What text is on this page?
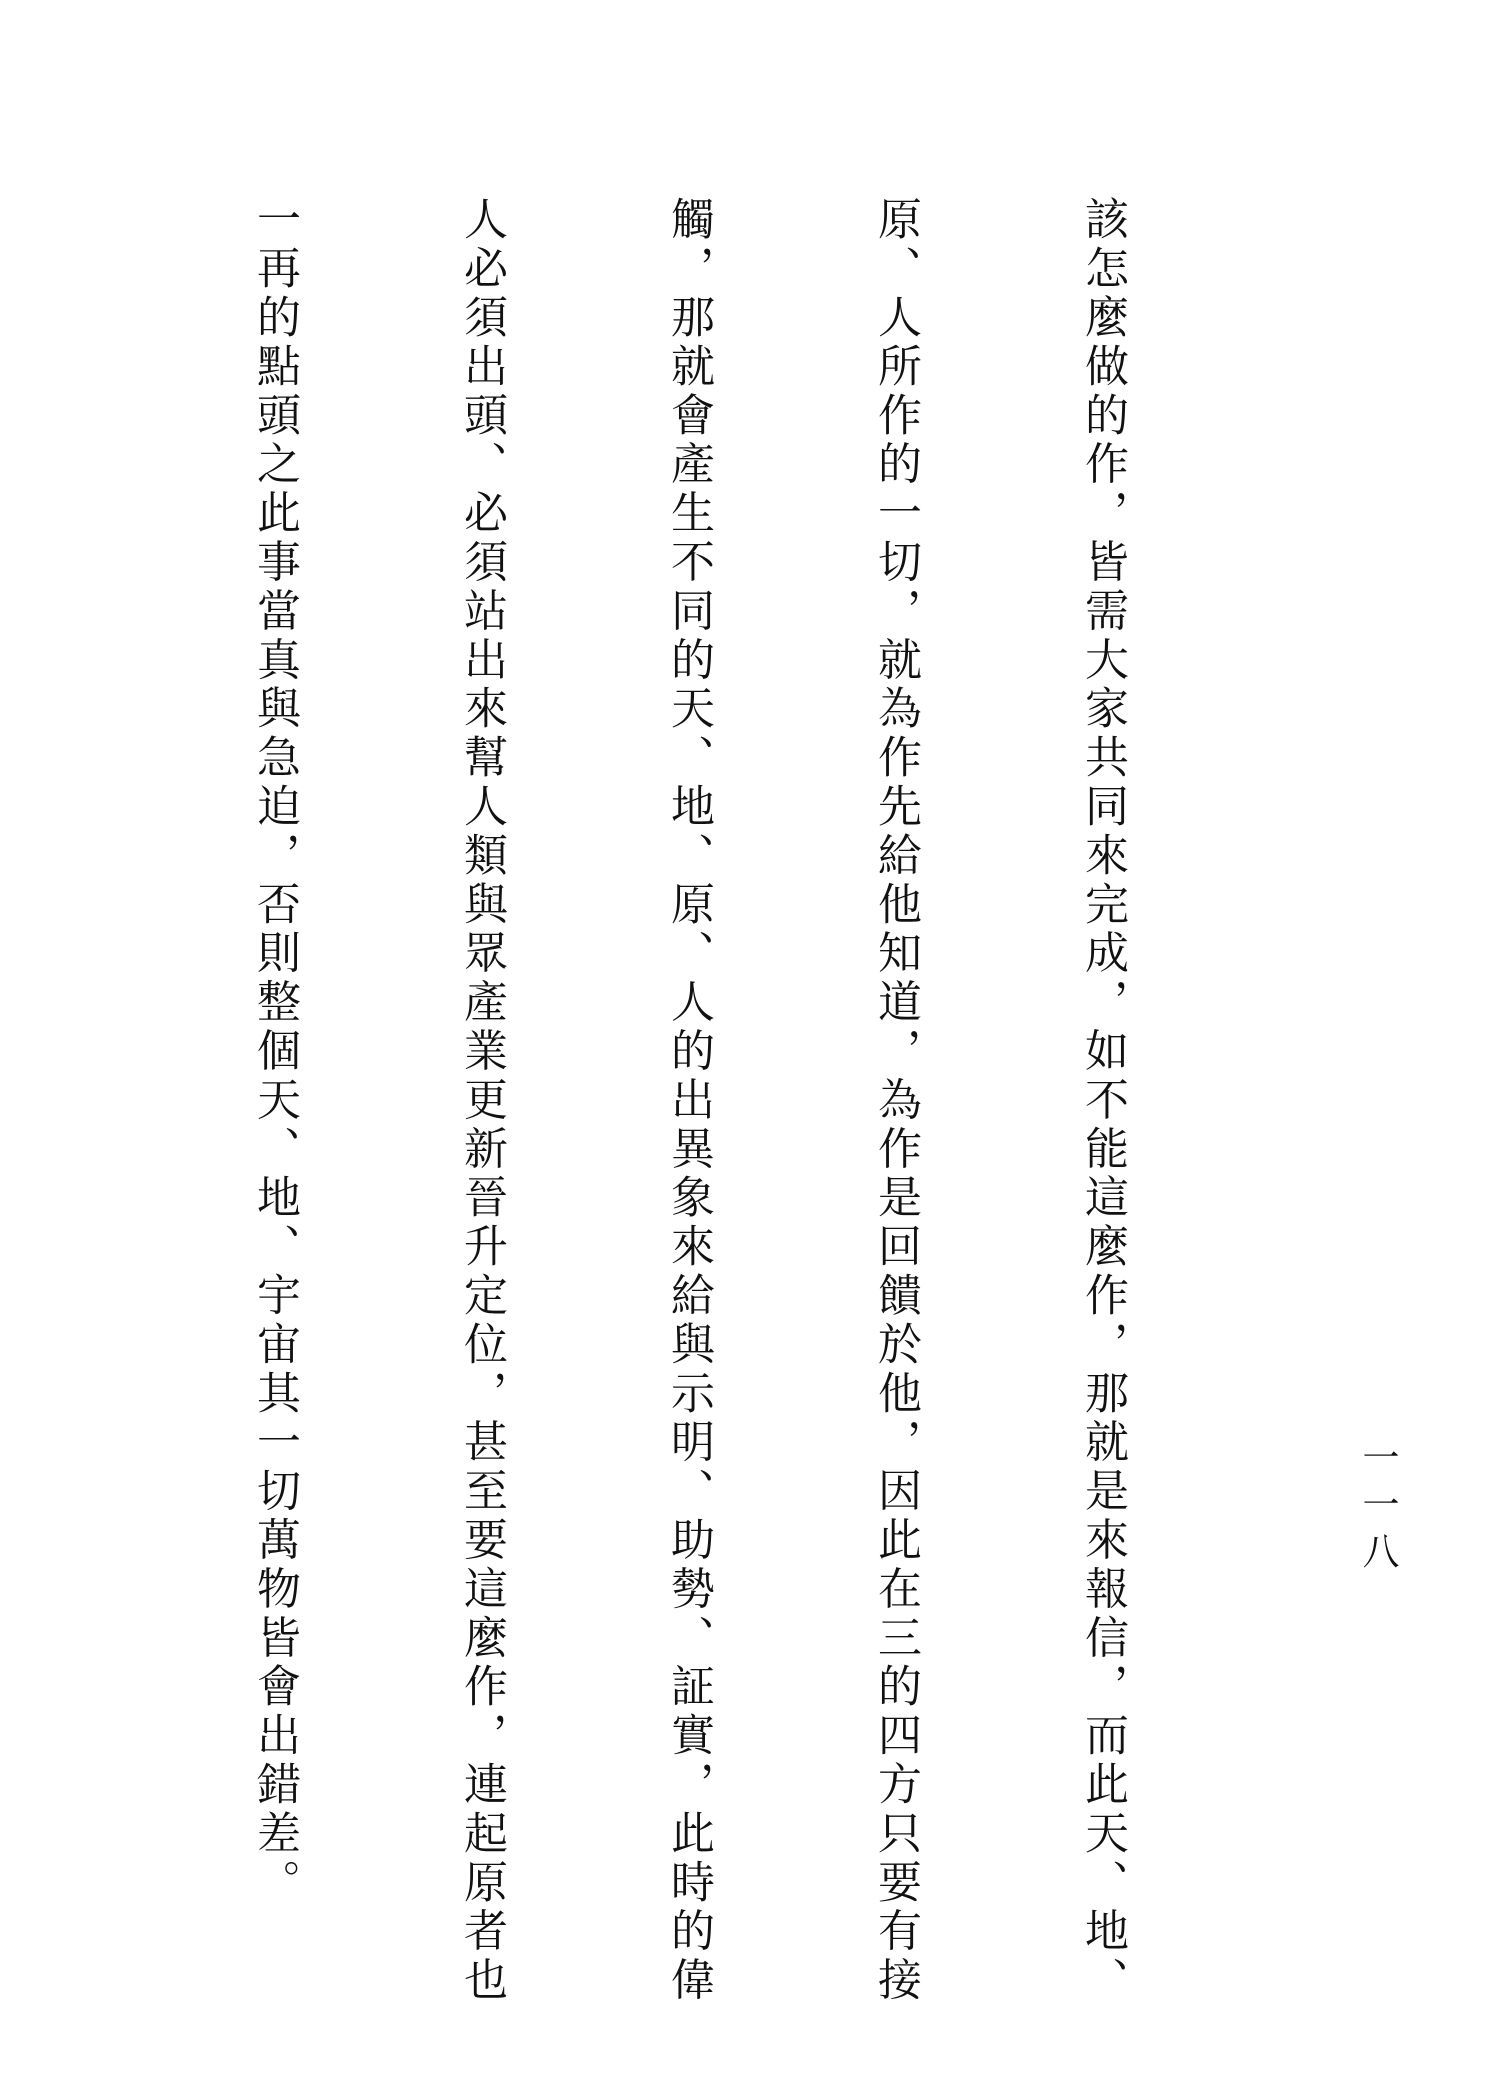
一一八

該怎麼做的作，皆需大家共同來完成，如不能這麼作，那就是來報信，而此天、地、

原、人所作的一切，就為作先給他知道，為作是回饋於他，因此在三的四方只要有接

觸，那就會產生不同的天、地、原、人的出異象來給與示明、助勢、証實，此時的偉

人必須出頭、必須站出來幫人類與眾產業更新晉升定位，甚至要這麼作，連起原者也

一再的點頭之此事當真與急迫，否則整個天、地、宇宙其一切萬物皆會出錯差。
